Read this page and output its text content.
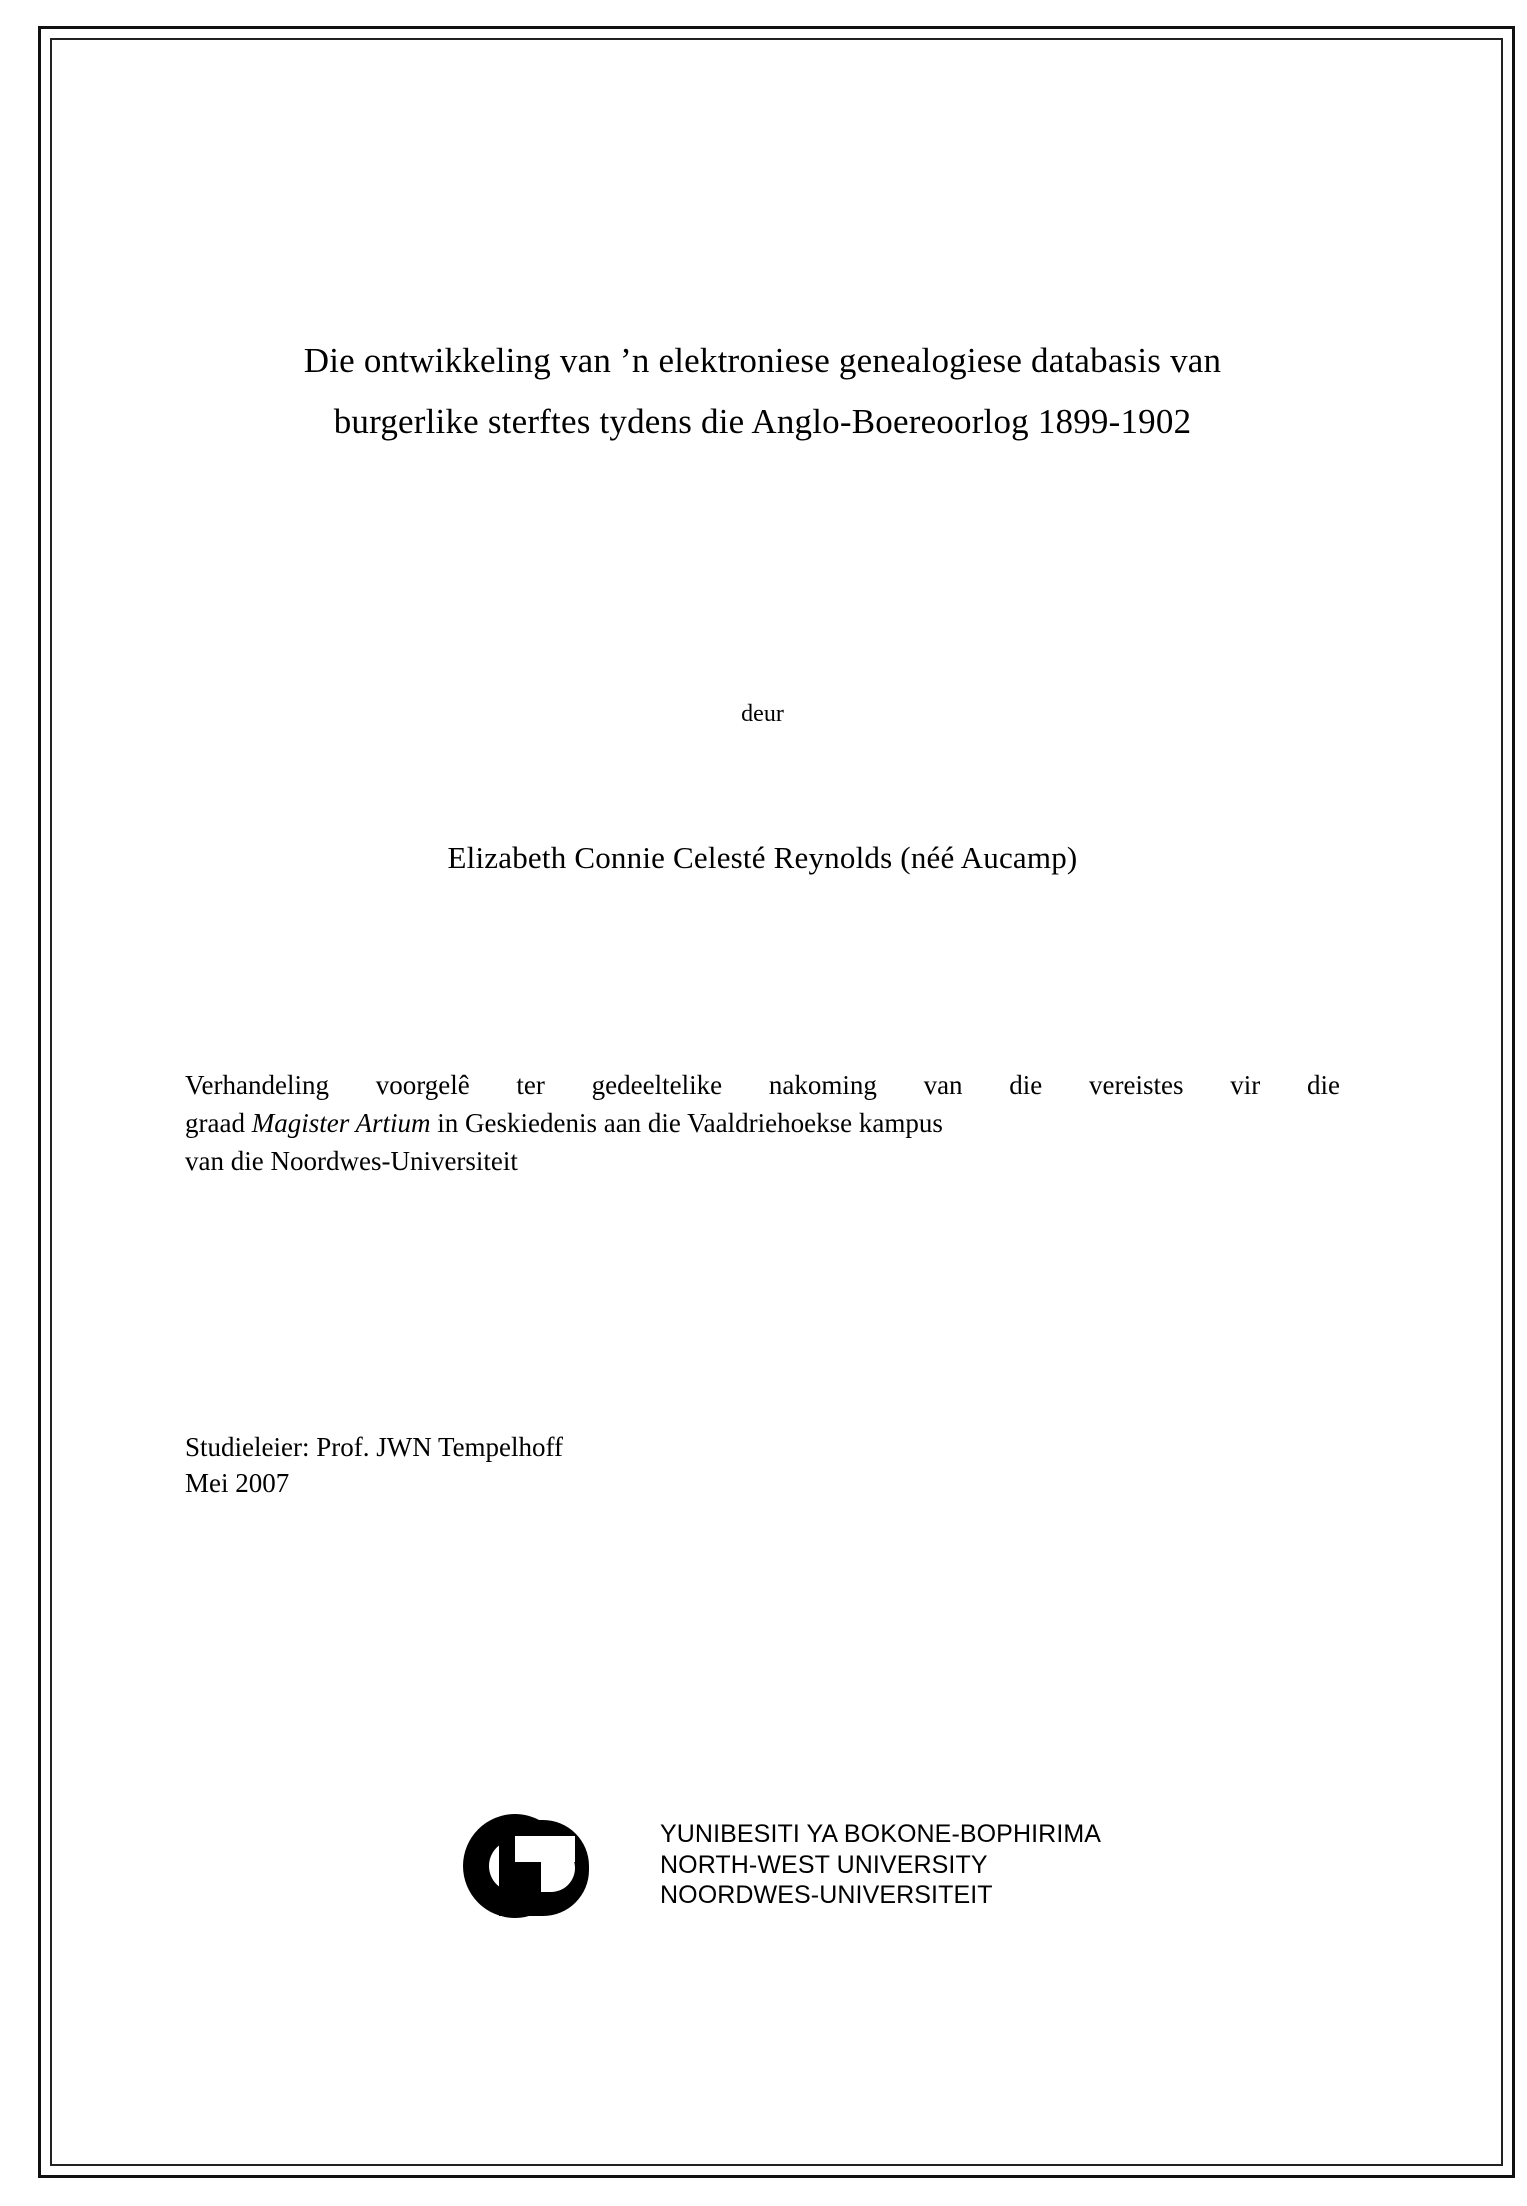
Die ontwikkeling van ’n elektroniese genealogiese databasis van
burgerlike sterftes tydens die Anglo-Boereoorlog 1899-1902

deur

Elizabeth Connie Celesté Reynolds (néé Aucamp)

Verhandeling voorgelê ter gedeeltelike nakoming van die vereistes vir die
graad Magister Artium in Geskiedenis aan die Vaaldriehoekse kampus
van die Noordwes-Universiteit

Studieleier: Prof. JWN Tempelhoff
Mei 2007

YUNIBESITI YA BOKONE-BOPHIRIMA
NORTH-WEST UNIVERSITY
NOORDWES-UNIVERSITEIT
